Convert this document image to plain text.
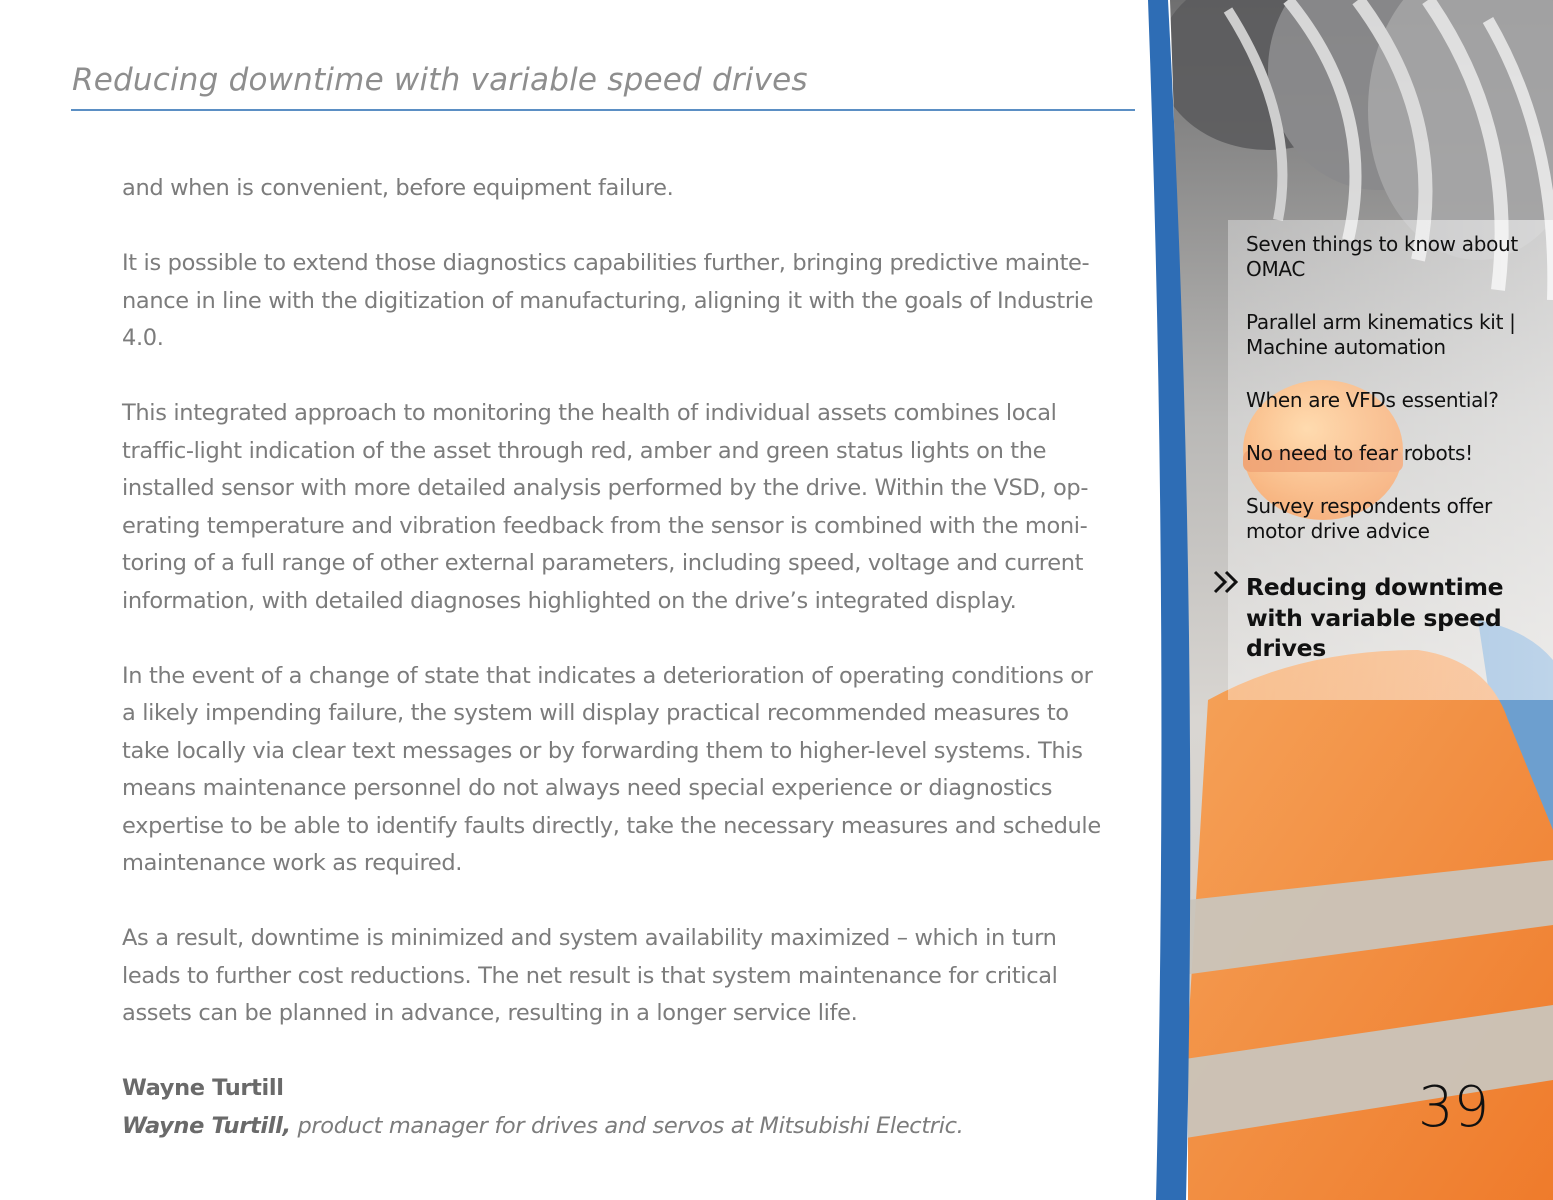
Reducing downtime with variable speed drives

and when is convenient, before equipment failure.

It is possible to extend those diagnostics capabilities further, bringing predictive mainte-nance in line with the digitization of manufacturing, aligning it with the goals of Industrie 4.0.

This integrated approach to monitoring the health of individual assets combines local traffic-light indication of the asset through red, amber and green status lights on the installed sensor with more detailed analysis performed by the drive. Within the VSD, op-erating temperature and vibration feedback from the sensor is combined with the moni-toring of a full range of other external parameters, including speed, voltage and current information, with detailed diagnoses highlighted on the drive’s integrated display.

In the event of a change of state that indicates a deterioration of operating conditions or a likely impending failure, the system will display practical recommended measures to take locally via clear text messages or by forwarding them to higher-level systems. This means maintenance personnel do not always need special experience or diagnostics expertise to be able to identify faults directly, take the necessary measures and schedule maintenance work as required.

As a result, downtime is minimized and system availability maximized – which in turn leads to further cost reductions. The net result is that system maintenance for critical assets can be planned in advance, resulting in a longer service life.

Wayne Turtill

Wayne Turtill, product manager for drives and servos at Mitsubishi Electric.

Seven things to know about OMAC
Parallel arm kinematics kit | Machine automation
When are VFDs essential?
No need to fear robots!
Survey respondents offer motor drive advice
Reducing downtime with variable speed drives
39
